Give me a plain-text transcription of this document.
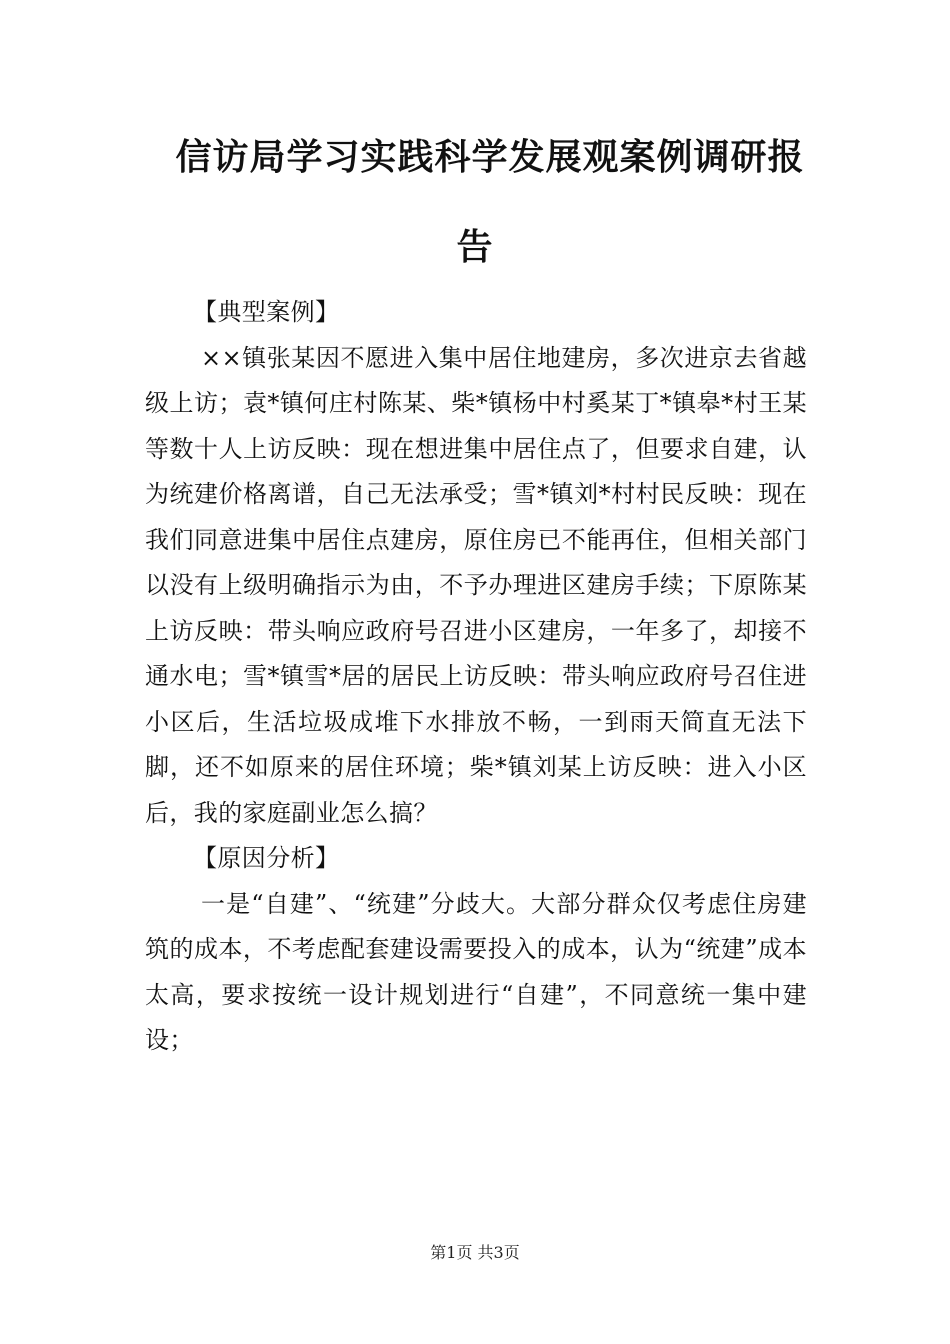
信访局学习实践科学发展观案例调研报
告

【典型案例】

××镇张某因不愿进入集中居住地建房，多次进京去省越级上访；袁*镇何庄村陈某、柴*镇杨中村奚某丁*镇皋*村王某等数十人上访反映：现在想进集中居住点了，但要求自建，认为统建价格离谱，自己无法承受；雪*镇刘*村村民反映：现在我们同意进集中居住点建房，原住房已不能再住，但相关部门以没有上级明确指示为由，不予办理进区建房手续；下原陈某上访反映：带头响应政府号召进小区建房，一年多了，却接不通水电；雪*镇雪*居的居民上访反映：带头响应政府号召住进小区后，生活垃圾成堆下水排放不畅，一到雨天简直无法下脚，还不如原来的居住环境；柴*镇刘某上访反映：进入小区后，我的家庭副业怎么搞？

【原因分析】

一是“自建”、“统建”分歧大。大部分群众仅考虑住房建筑的成本，不考虑配套建设需要投入的成本，认为“统建”成本太高，要求按统一设计规划进行“自建”，不同意统一集中建设；

第1页 共3页
